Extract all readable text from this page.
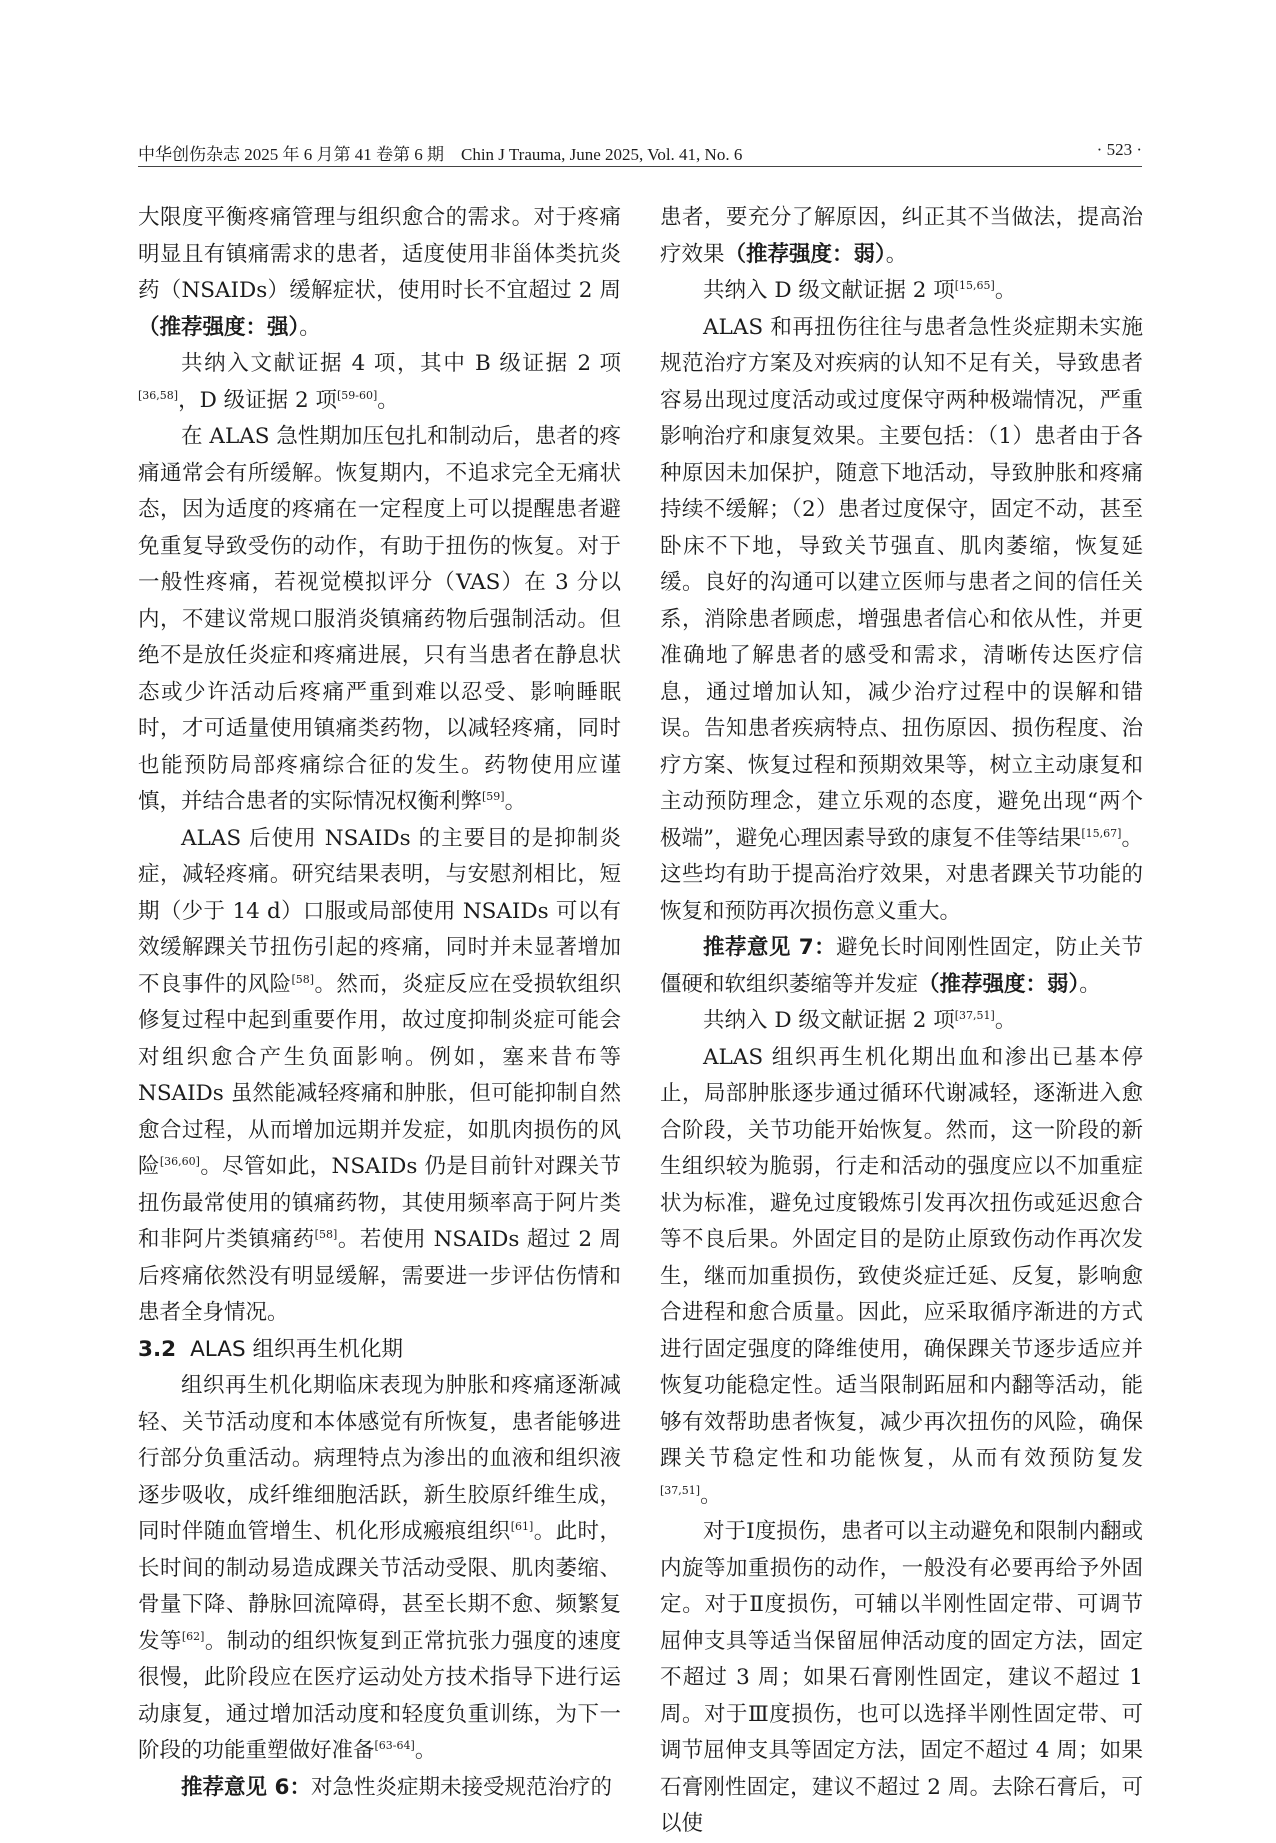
中华创伤杂志 2025 年 6 月第 41 卷第 6 期　Chin J Trauma, June 2025, Vol. 41, No. 6	· 523 ·

大限度平衡疼痛管理与组织愈合的需求。对于疼痛明显且有镇痛需求的患者，适度使用非甾体类抗炎药（NSAIDs）缓解症状，使用时长不宜超过 2 周（推荐强度：强）。

共纳入文献证据 4 项，其中 B 级证据 2 项[36,58]，D 级证据 2 项[59-60]。

在 ALAS 急性期加压包扎和制动后，患者的疼痛通常会有所缓解。恢复期内，不追求完全无痛状态，因为适度的疼痛在一定程度上可以提醒患者避免重复导致受伤的动作，有助于扭伤的恢复。对于一般性疼痛，若视觉模拟评分（VAS）在 3 分以内，不建议常规口服消炎镇痛药物后强制活动。但绝不是放任炎症和疼痛进展，只有当患者在静息状态或少许活动后疼痛严重到难以忍受、影响睡眠时，才可适量使用镇痛类药物，以减轻疼痛，同时也能预防局部疼痛综合征的发生。药物使用应谨慎，并结合患者的实际情况权衡利弊[59]。

ALAS 后使用 NSAIDs 的主要目的是抑制炎症，减轻疼痛。研究结果表明，与安慰剂相比，短期（少于 14 d）口服或局部使用 NSAIDs 可以有效缓解踝关节扭伤引起的疼痛，同时并未显著增加不良事件的风险[58]。然而，炎症反应在受损软组织修复过程中起到重要作用，故过度抑制炎症可能会对组织愈合产生负面影响。例如，塞来昔布等 NSAIDs 虽然能减轻疼痛和肿胀，但可能抑制自然愈合过程，从而增加远期并发症，如肌肉损伤的风险[36,60]。尽管如此，NSAIDs 仍是目前针对踝关节扭伤最常使用的镇痛药物，其使用频率高于阿片类和非阿片类镇痛药[58]。若使用 NSAIDs 超过 2 周后疼痛依然没有明显缓解，需要进一步评估伤情和患者全身情况。

3.2 ALAS 组织再生机化期

组织再生机化期临床表现为肿胀和疼痛逐渐减轻、关节活动度和本体感觉有所恢复，患者能够进行部分负重活动。病理特点为渗出的血液和组织液逐步吸收，成纤维细胞活跃，新生胶原纤维生成，同时伴随血管增生、机化形成瘢痕组织[61]。此时，长时间的制动易造成踝关节活动受限、肌肉萎缩、骨量下降、静脉回流障碍，甚至长期不愈、频繁复发等[62]。制动的组织恢复到正常抗张力强度的速度很慢，此阶段应在医疗运动处方技术指导下进行运动康复，通过增加活动度和轻度负重训练，为下一阶段的功能重塑做好准备[63-64]。

推荐意见 6：对急性炎症期未接受规范治疗的

患者，要充分了解原因，纠正其不当做法，提高治疗效果（推荐强度：弱）。

共纳入 D 级文献证据 2 项[15,65]。

ALAS 和再扭伤往往与患者急性炎症期未实施规范治疗方案及对疾病的认知不足有关，导致患者容易出现过度活动或过度保守两种极端情况，严重影响治疗和康复效果。主要包括：（1）患者由于各种原因未加保护，随意下地活动，导致肿胀和疼痛持续不缓解；（2）患者过度保守，固定不动，甚至卧床不下地，导致关节强直、肌肉萎缩，恢复延缓。良好的沟通可以建立医师与患者之间的信任关系，消除患者顾虑，增强患者信心和依从性，并更准确地了解患者的感受和需求，清晰传达医疗信息，通过增加认知，减少治疗过程中的误解和错误。告知患者疾病特点、扭伤原因、损伤程度、治疗方案、恢复过程和预期效果等，树立主动康复和主动预防理念，建立乐观的态度，避免出现“两个极端”，避免心理因素导致的康复不佳等结果[15,67]。这些均有助于提高治疗效果，对患者踝关节功能的恢复和预防再次损伤意义重大。

推荐意见 7：避免长时间刚性固定，防止关节僵硬和软组织萎缩等并发症（推荐强度：弱）。

共纳入 D 级文献证据 2 项[37,51]。

ALAS 组织再生机化期出血和渗出已基本停止，局部肿胀逐步通过循环代谢减轻，逐渐进入愈合阶段，关节功能开始恢复。然而，这一阶段的新生组织较为脆弱，行走和活动的强度应以不加重症状为标准，避免过度锻炼引发再次扭伤或延迟愈合等不良后果。外固定目的是防止原致伤动作再次发生，继而加重损伤，致使炎症迁延、反复，影响愈合进程和愈合质量。因此，应采取循序渐进的方式进行固定强度的降维使用，确保踝关节逐步适应并恢复功能稳定性。适当限制跖屈和内翻等活动，能够有效帮助患者恢复，减少再次扭伤的风险，确保踝关节稳定性和功能恢复，从而有效预防复发[37,51]。

对于Ⅰ度损伤，患者可以主动避免和限制内翻或内旋等加重损伤的动作，一般没有必要再给予外固定。对于Ⅱ度损伤，可辅以半刚性固定带、可调节屈伸支具等适当保留屈伸活动度的固定方法，固定不超过 3 周；如果石膏刚性固定，建议不超过 1 周。对于Ⅲ度损伤，也可以选择半刚性固定带、可调节屈伸支具等固定方法，固定不超过 4 周；如果石膏刚性固定，建议不超过 2 周。去除石膏后，可以使
